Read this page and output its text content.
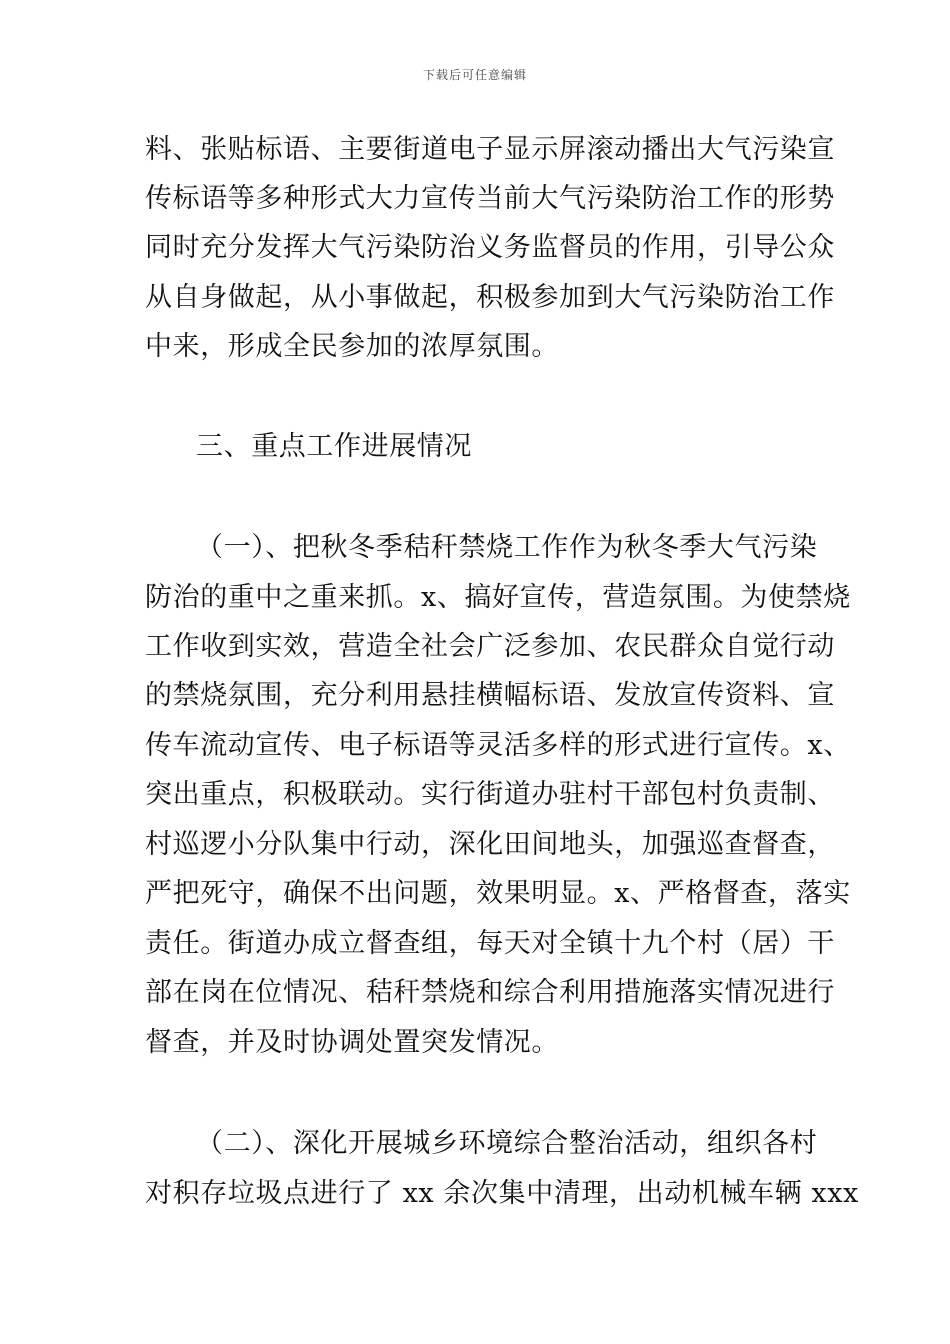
下载后可任意编辑
料、张贴标语、主要街道电子显示屏滚动播出大气污染宣
传标语等多种形式大力宣传当前大气污染防治工作的形势
同时充分发挥大气污染防治义务监督员的作用，引导公众
从自身做起，从小事做起，积极参加到大气污染防治工作
中来，形成全民参加的浓厚氛围。
三、重点工作进展情况
（一）、把秋冬季秸秆禁烧工作作为秋冬季大气污染
防治的重中之重来抓。x、搞好宣传，营造氛围。为使禁烧
工作收到实效，营造全社会广泛参加、农民群众自觉行动
的禁烧氛围，充分利用悬挂横幅标语、发放宣传资料、宣
传车流动宣传、电子标语等灵活多样的形式进行宣传。x、
突出重点，积极联动。实行街道办驻村干部包村负责制、
村巡逻小分队集中行动，深化田间地头，加强巡查督查，
严把死守，确保不出问题，效果明显。x、严格督查，落实
责任。街道办成立督查组，每天对全镇十九个村（居）干
部在岗在位情况、秸秆禁烧和综合利用措施落实情况进行
督查，并及时协调处置突发情况。
（二）、深化开展城乡环境综合整治活动，组织各村
对积存垃圾点进行了 xx 余次集中清理，出动机械车辆 xxx
